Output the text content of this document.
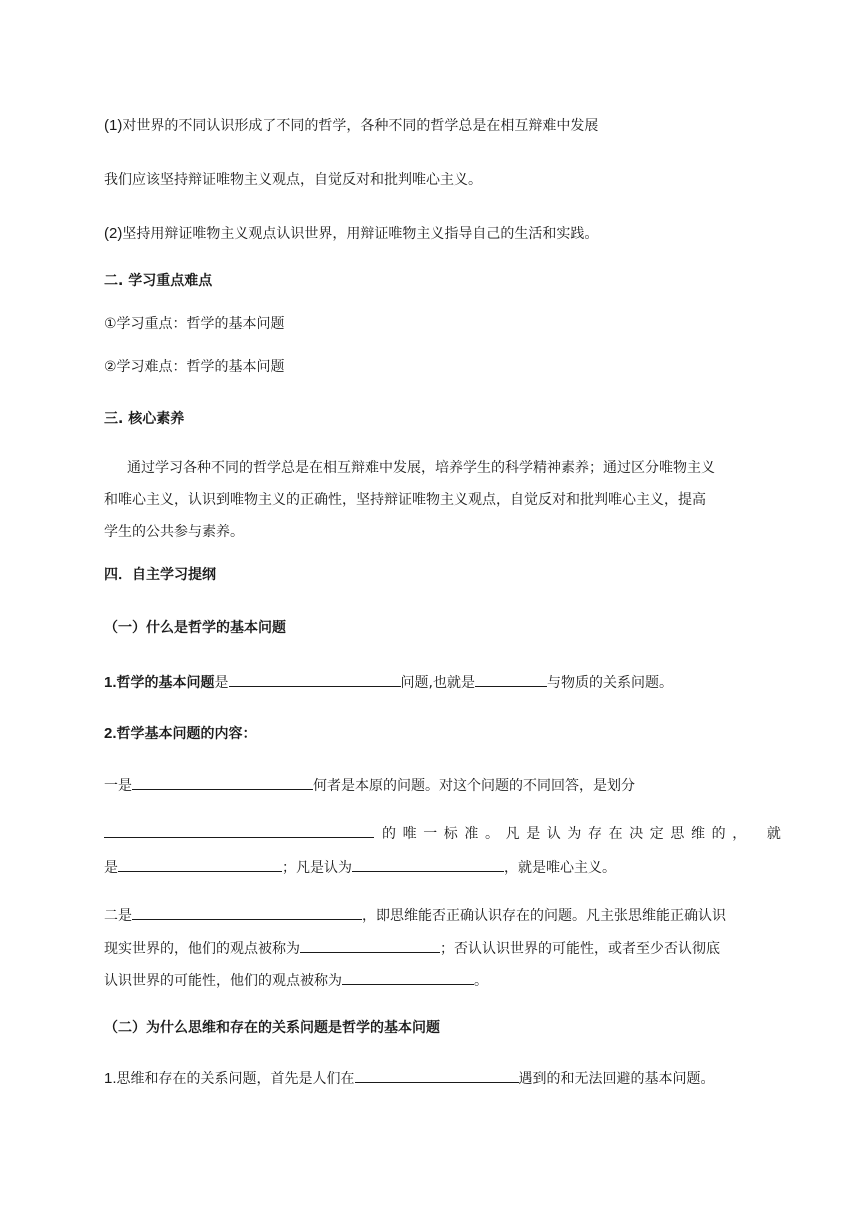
(1)对世界的不同认识形成了不同的哲学，各种不同的哲学总是在相互辩难中发展
我们应该坚持辩证唯物主义观点，自觉反对和批判唯心主义。
(2)坚持用辩证唯物主义观点认识世界，用辩证唯物主义指导自己的生活和实践。
二. 学习重点难点
①学习重点：哲学的基本问题
②学习难点：哲学的基本问题
三. 核心素养
通过学习各种不同的哲学总是在相互辩难中发展，培养学生的科学精神素养；通过区分唯物主义
和唯心主义，认识到唯物主义的正确性，坚持辩证唯物主义观点，自觉反对和批判唯心主义，提高
学生的公共参与素养。
四．自主学习提纲
（一）什么是哲学的基本问题
1.哲学的基本问题是	问题,也就是	与物质的关系问题。
2.哲学基本问题的内容：
一是	何者是本原的问题。对这个问题的不同回答，是划分
的唯一标准。凡是认为存在决定思维的， 就
是	；凡是认为	，就是唯心主义。
二是	，即思维能否正确认识存在的问题。凡主张思维能正确认识
现实世界的，他们的观点被称为	；否认认识世界的可能性，或者至少否认彻底
认识世界的可能性，他们的观点被称为	。
（二）为什么思维和存在的关系问题是哲学的基本问题
1.思维和存在的关系问题，首先是人们在	遇到的和无法回避的基本问题。
